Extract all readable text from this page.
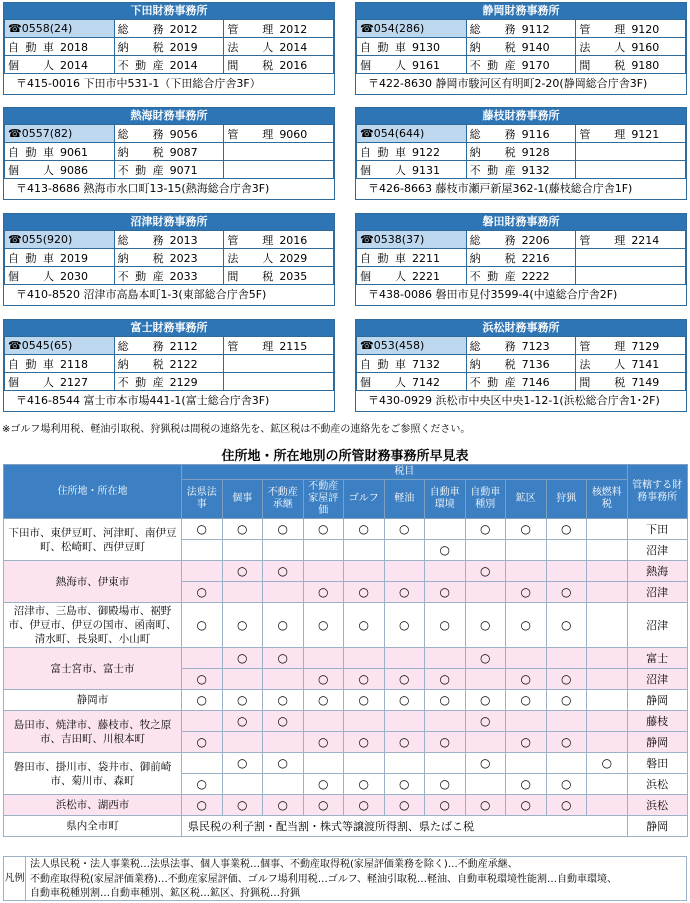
下田財務事務所
☎0558(24)	総　　務 2012	管　理 2012
自 動 車 2018	納　　税 2019	法　人 2014
個　　人 2014	不 動 産 2014	間　税 2016
〒415-0016 下田市中531-1（下田総合庁舎3F）
静岡財務事務所
☎054(286)	総　　務 9112	管　理 9120
自 動 車 9130	納　　税 9140	法　人 9160
個　　人 9161	不 動 産 9170	間　税 9180
〒422-8630 静岡市駿河区有明町2-20(静岡総合庁舎3F)
熱海財務事務所
☎0557(82)	総　　務 9056	管　理 9060
自 動 車 9061	納　　税 9087	
個　　人 9086	不 動 産 9071	
〒413-8686 熱海市水口町13-15(熱海総合庁舎3F)
藤枝財務事務所
☎054(644)	総　　務 9116	管　理 9121
自 動 車 9122	納　　税 9128	
個　　人 9131	不 動 産 9132	
〒426-8663 藤枝市瀬戸新屋362-1(藤枝総合庁舎1F)
沼津財務事務所
☎055(920)	総　　務 2013	管　理 2016
自 動 車 2019	納　　税 2023	法　人 2029
個　　人 2030	不 動 産 2033	間　税 2035
〒410-8520 沼津市高島本町1-3(東部総合庁舎5F)
磐田財務事務所
☎0538(37)	総　　務 2206	管　理 2214
自 動 車 2211	納　　税 2216	
個　　人 2221	不 動 産 2222	
〒438-0086 磐田市見付3599-4(中遠総合庁舎2F)
富士財務事務所
☎0545(65)	総　　務 2112	管　理 2115
自 動 車 2118	納　　税 2122	
個　　人 2127	不 動 産 2129	
〒416-8544 富士市本市場441-1(富士総合庁舎3F)
浜松財務事務所
☎053(458)	総　　務 7123	管　理 7129
自 動 車 7132	納　　税 7136	法　人 7141
個　　人 7142	不 動 産 7146	間　税 7149
〒430-0929 浜松市中央区中央1-12-1(浜松総合庁舎1･2F)
※ゴルフ場利用税、軽油引取税、狩猟税は間税の連絡先を、鉱区税は不動産の連絡先をご参照ください。
住所地・所在地別の所管財務事務所早見表
住所地・所在地	税目											管轄する財務事務所
	法県法事	個事	不動産承継	不動産家屋評価	ゴルフ	軽油	自動車環境	自動車種別	鉱区	狩猟	核燃料税	
下田市、東伊豆町、河津町、南伊豆町、松崎町、西伊豆町	○	○	○	○	○	○		○	○	○		下田
							○					沼津
熱海市、伊東市		○	○					○				熱海
	○			○	○	○	○		○	○		沼津
沼津市、三島市、御殿場市、裾野市、伊豆市、伊豆の国市、函南町、清水町、長泉町、小山町	○	○	○	○	○	○	○	○	○	○		沼津
富士宮市、富士市		○	○					○				富士
	○			○	○	○	○		○	○		沼津
静岡市	○	○	○	○	○	○	○	○	○	○		静岡
島田市、焼津市、藤枝市、牧之原市、吉田町、川根本町		○	○					○				藤枝
	○			○	○	○	○		○	○		静岡
磐田市、掛川市、袋井市、御前崎市、菊川市、森町		○	○					○			○	磐田
	○			○	○	○	○		○	○		浜松
浜松市、湖西市	○	○	○	○	○	○	○	○	○	○		浜松
県内全市町	県民税の利子割・配当割・株式等譲渡所得割、県たばこ税											静岡
凡例
法人県民税・法人事業税…法県法事、個人事業税…個事、不動産取得税(家屋評価業務を除く)…不動産承継、
不動産取得税(家屋評価業務)…不動産家屋評価、ゴルフ場利用税…ゴルフ、軽油引取税…軽油、自動車税環境性能割…自動車環境、
自動車税種別割…自動車種別、鉱区税…鉱区、狩猟税…狩猟
